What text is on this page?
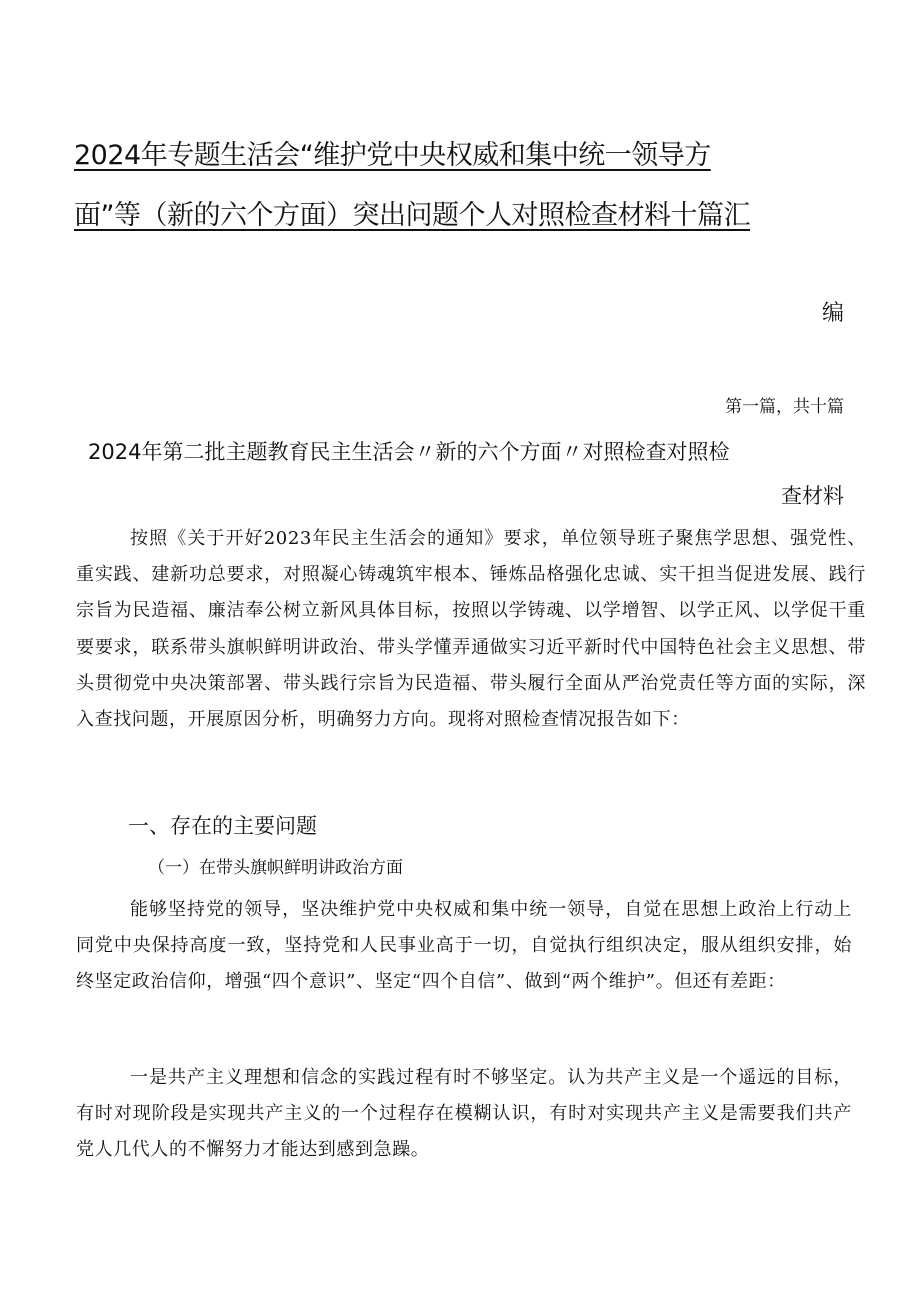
2024年专题生活会“维护党中央权威和集中统一领导方
面”等（新的六个方面）突出问题个人对照检查材料十篇汇
编
第一篇，共十篇
2024年第二批主题教育民主生活会〃新的六个方面〃对照检查对照检
查材料

按照《关于开好2023年民主生活会的通知》要求，单位领导班子聚焦学思想、强党性、重实践、建新功总要求，对照凝心铸魂筑牢根本、锤炼品格强化忠诚、实干担当促进发展、践行宗旨为民造福、廉洁奉公树立新风具体目标，按照以学铸魂、以学增智、以学正风、以学促干重要要求，联系带头旗帜鲜明讲政治、带头学懂弄通做实习近平新时代中国特色社会主义思想、带头贯彻党中央决策部署、带头践行宗旨为民造福、带头履行全面从严治党责任等方面的实际，深入查找问题，开展原因分析，明确努力方向。现将对照检查情况报告如下：

一、存在的主要问题
（一）在带头旗帜鲜明讲政治方面

能够坚持党的领导，坚决维护党中央权威和集中统一领导，自觉在思想上政治上行动上同党中央保持高度一致，坚持党和人民事业高于一切，自觉执行组织决定，服从组织安排，始终坚定政治信仰，增强“四个意识”、坚定“四个自信”、做到“两个维护”。但还有差距：

一是共产主义理想和信念的实践过程有时不够坚定。认为共产主义是一个遥远的目标，有时对现阶段是实现共产主义的一个过程存在模糊认识，有时对实现共产主义是需要我们共产党人几代人的不懈努力才能达到感到急躁。
